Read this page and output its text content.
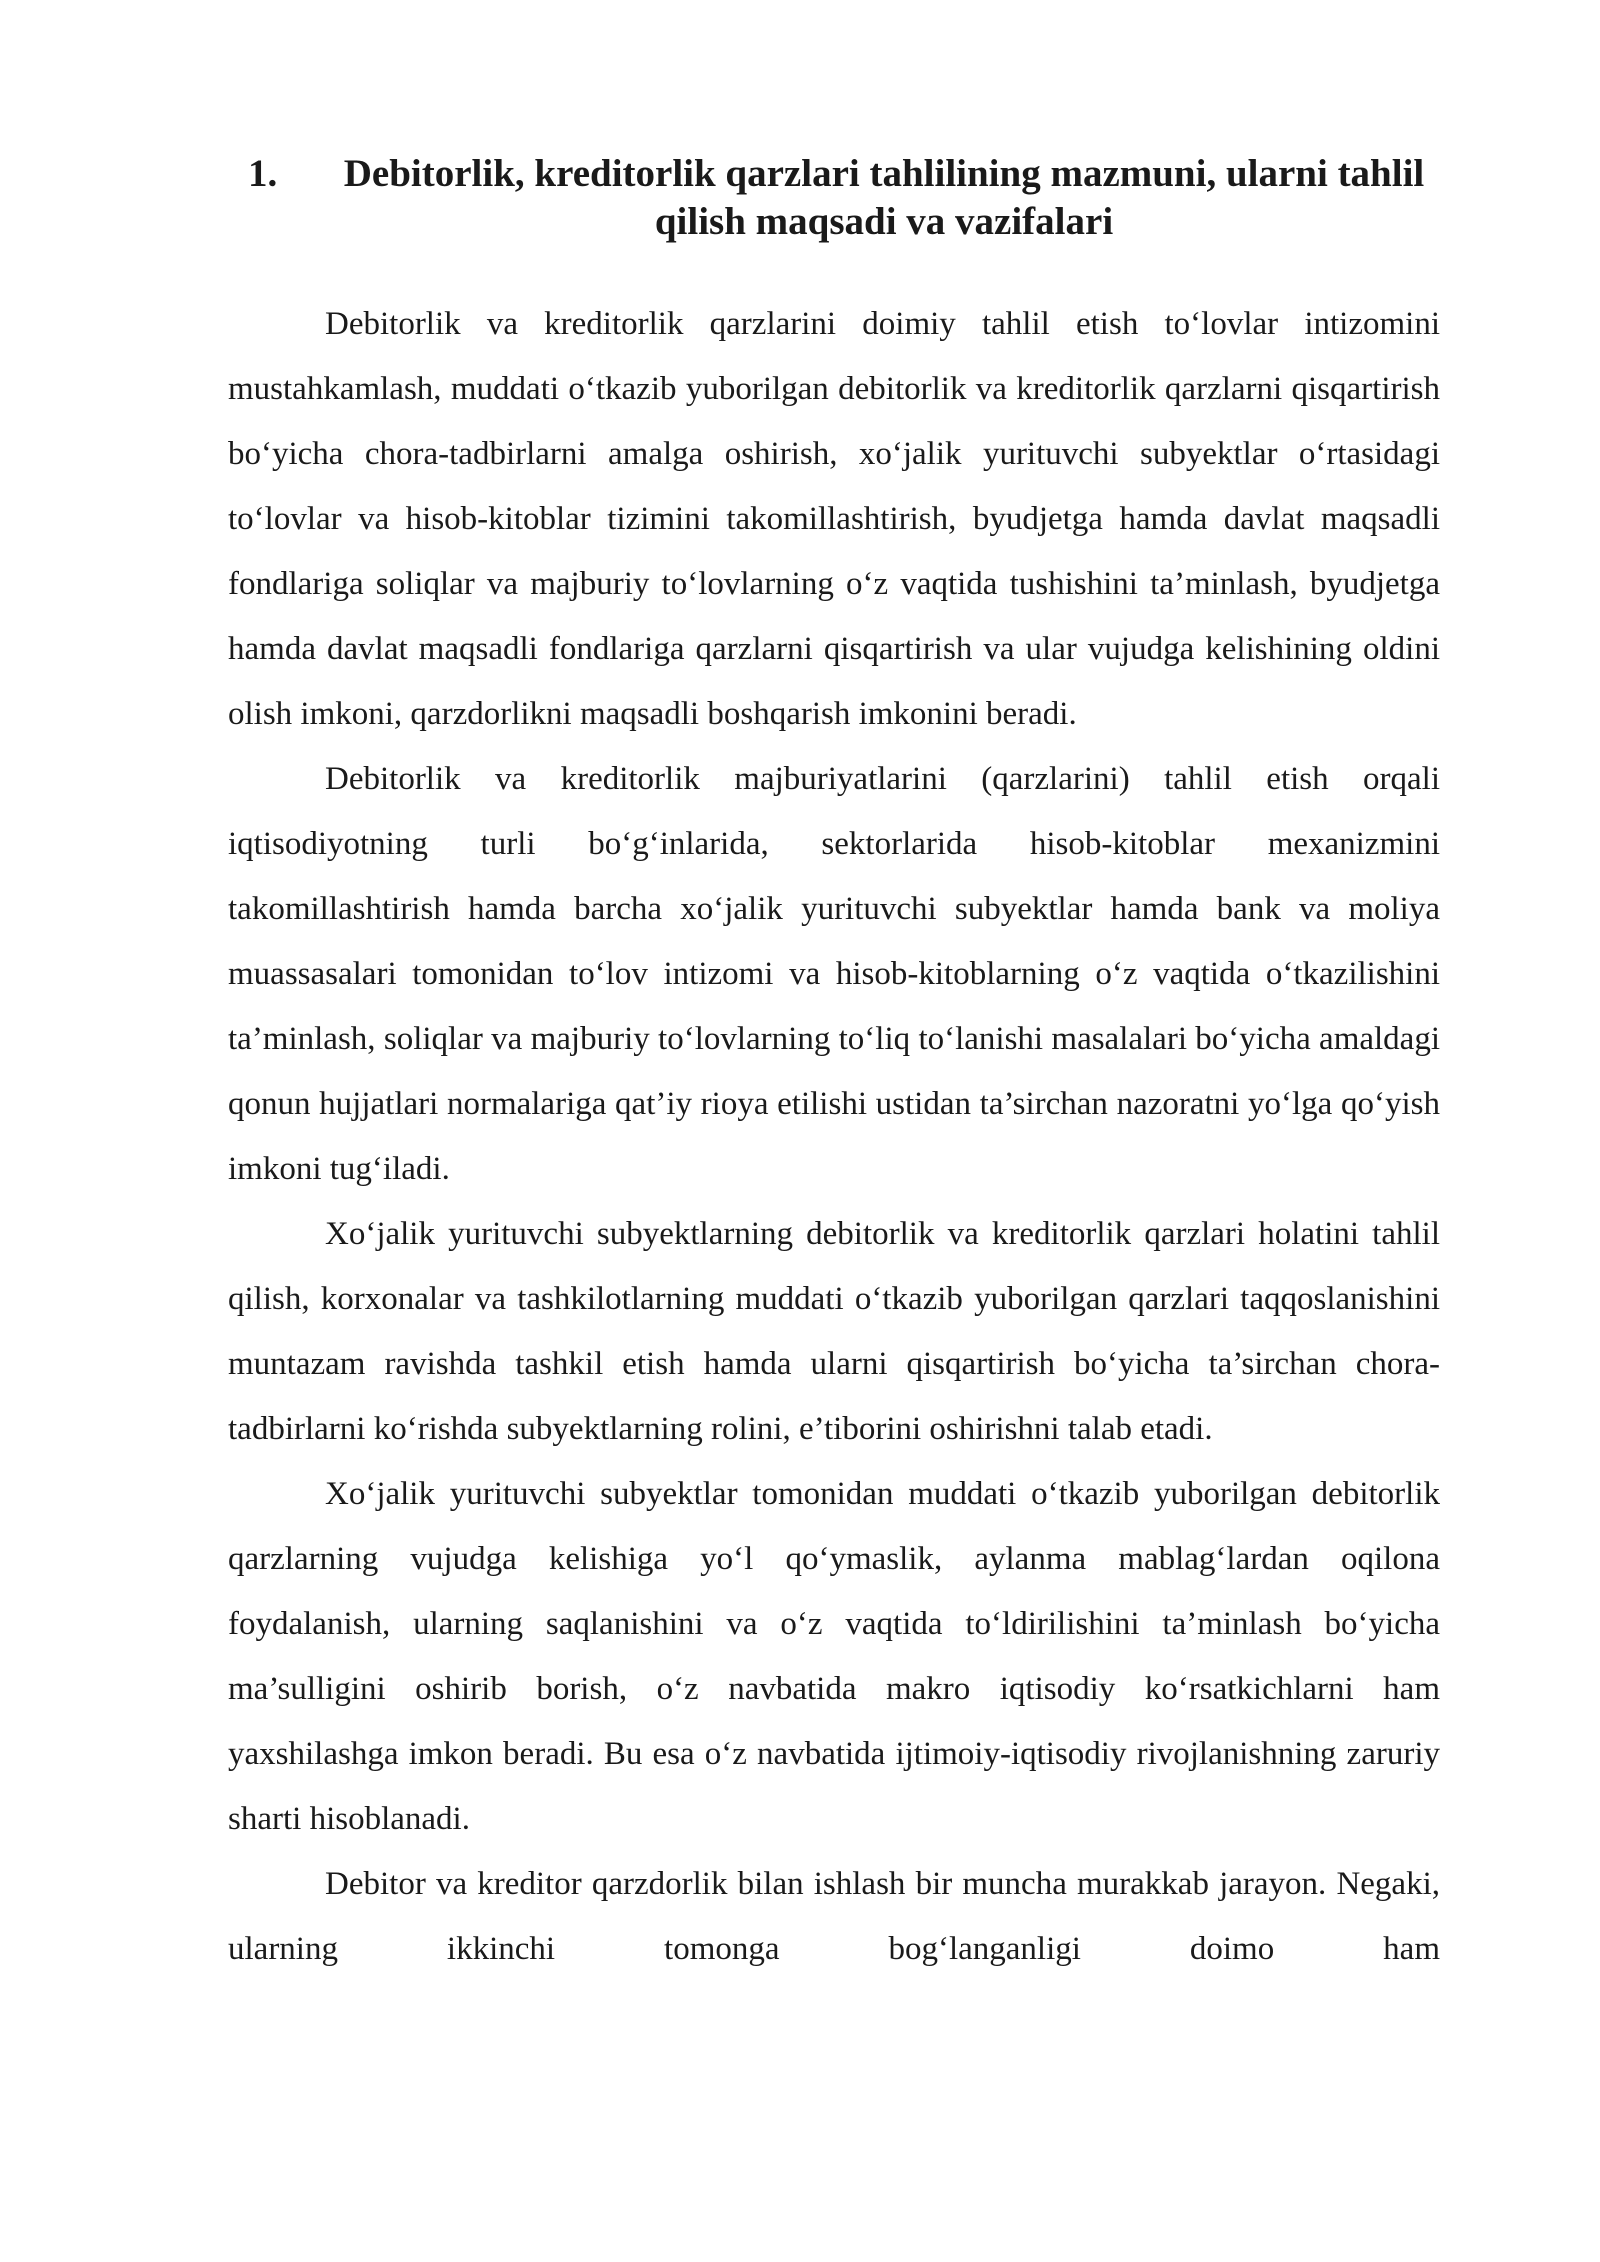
1.	Debitorlik, kreditorlik qarzlari tahlilining mazmuni, ularni tahlil qilish maqsadi va vazifalari

Debitorlik va kreditorlik qarzlarini doimiy tahlil etish to‘lovlar intizomini mustahkamlash, muddati o‘tkazib yuborilgan debitorlik va kreditorlik qarzlarni qisqartirish bo‘yicha chora-tadbirlarni amalga oshirish, xo‘jalik yurituvchi subyektlar o‘rtasidagi to‘lovlar va hisob-kitoblar tizimini takomillashtirish, byudjetga hamda davlat maqsadli fondlariga soliqlar va majburiy to‘lovlarning o‘z vaqtida tushishini ta’minlash, byudjetga hamda davlat maqsadli fondlariga qarzlarni qisqartirish va ular vujudga kelishining oldini olish imkoni, qarzdorlikni maqsadli boshqarish imkonini beradi.

Debitorlik va kreditorlik majburiyatlarini (qarzlarini) tahlil etish orqali iqtisodiyotning turli bo‘g‘inlarida, sektorlarida hisob-kitoblar mexanizmini takomillashtirish hamda barcha xo‘jalik yurituvchi subyektlar hamda bank va moliya muassasalari tomonidan to‘lov intizomi va hisob-kitoblarning o‘z vaqtida o‘tkazilishini ta’minlash, soliqlar va majburiy to‘lovlarning to‘liq to‘lanishi masalalari bo‘yicha amaldagi qonun hujjatlari normalariga qat’iy rioya etilishi ustidan ta’sirchan nazoratni yo‘lga qo‘yish imkoni tug‘iladi.

Xo‘jalik yurituvchi subyektlarning debitorlik va kreditorlik qarzlari holatini tahlil qilish, korxonalar va tashkilotlarning muddati o‘tkazib yuborilgan qarzlari taqqoslanishini muntazam ravishda tashkil etish hamda ularni qisqartirish bo‘yicha ta’sirchan chora-tadbirlarni ko‘rishda subyektlarning rolini, e’tiborini oshirishni talab etadi.

Xo‘jalik yurituvchi subyektlar tomonidan muddati o‘tkazib yuborilgan debitorlik qarzlarning vujudga kelishiga yo‘l qo‘ymaslik, aylanma mablag‘lardan oqilona foydalanish, ularning saqlanishini va o‘z vaqtida to‘ldirilishini ta’minlash bo‘yicha ma’sulligini oshirib borish, o‘z navbatida makro iqtisodiy ko‘rsatkichlarni ham yaxshilashga imkon beradi. Bu esa o‘z navbatida ijtimoiy-iqtisodiy rivojlanishning zaruriy sharti hisoblanadi.

Debitor va kreditor qarzdorlik bilan ishlash bir muncha murakkab jarayon. Negaki, ularning ikkinchi tomonga bog‘langanligi doimo ham
